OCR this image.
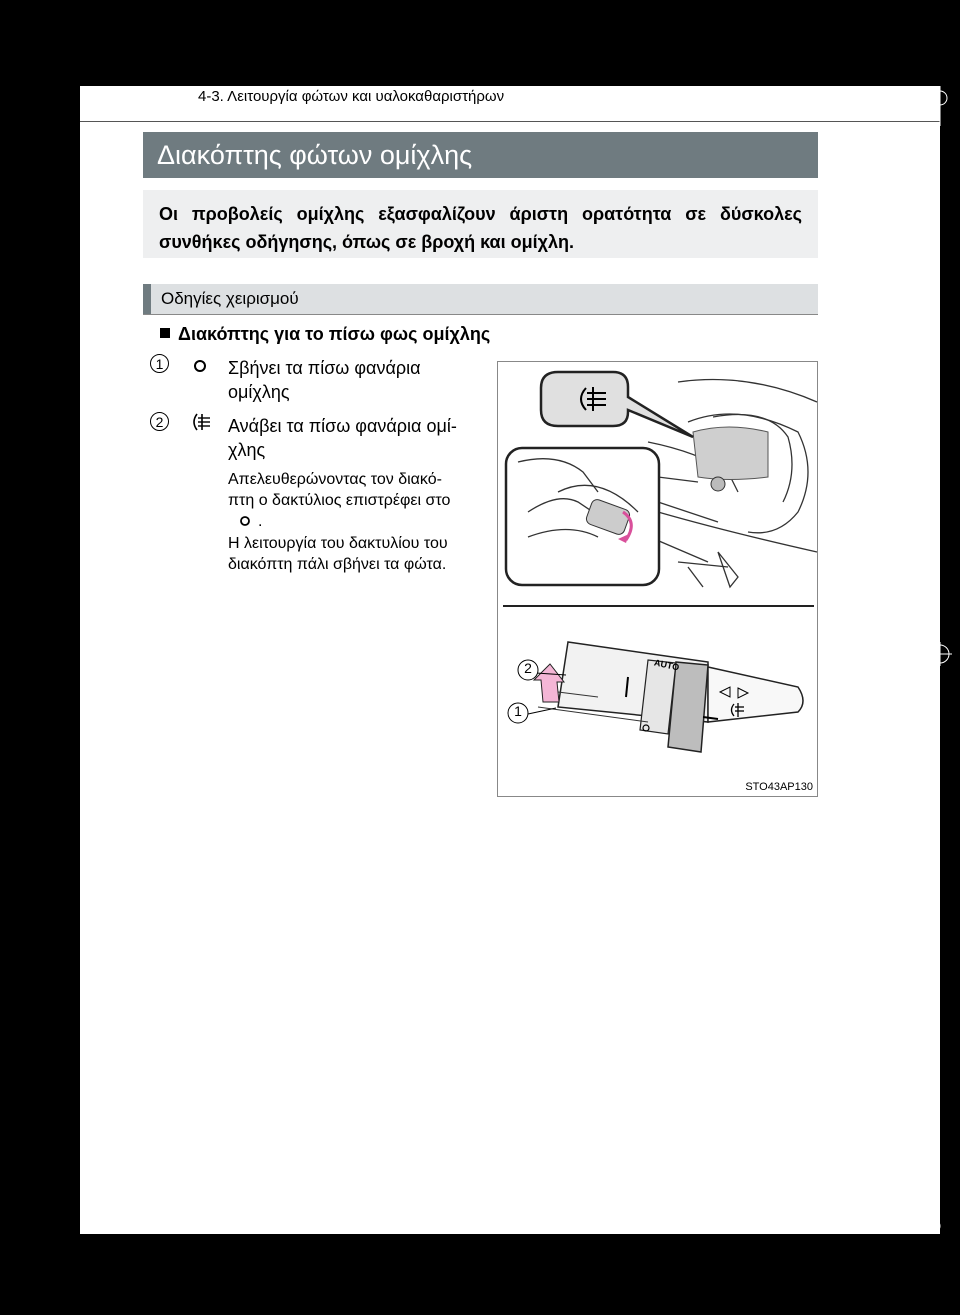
4-3. Λειτουργία φώτων και υαλοκαθαριστήρων
Διακόπτης φώτων ομίχλης
Οι προβολείς ομίχλης εξασφαλίζουν άριστη ορατότητα σε δύσκολες συνθήκες οδήγησης, όπως σε βροχή και ομίχλη.
Οδηγίες χειρισμού
Διακόπτης για το πίσω φως ομίχλης
1	Σβήνει τα πίσω φανάρια
ομίχλης
2	Ανάβει τα πίσω φανάρια ομί-
χλης
Απελευθερώνοντας τον διακό-
πτη ο δακτύλιος επιστρέφει στο
.
Η λειτουργία του δακτυλίου του
διακόπτη πάλι σβήνει τα φώτα.
2
1
AUTO
STO43AP130
